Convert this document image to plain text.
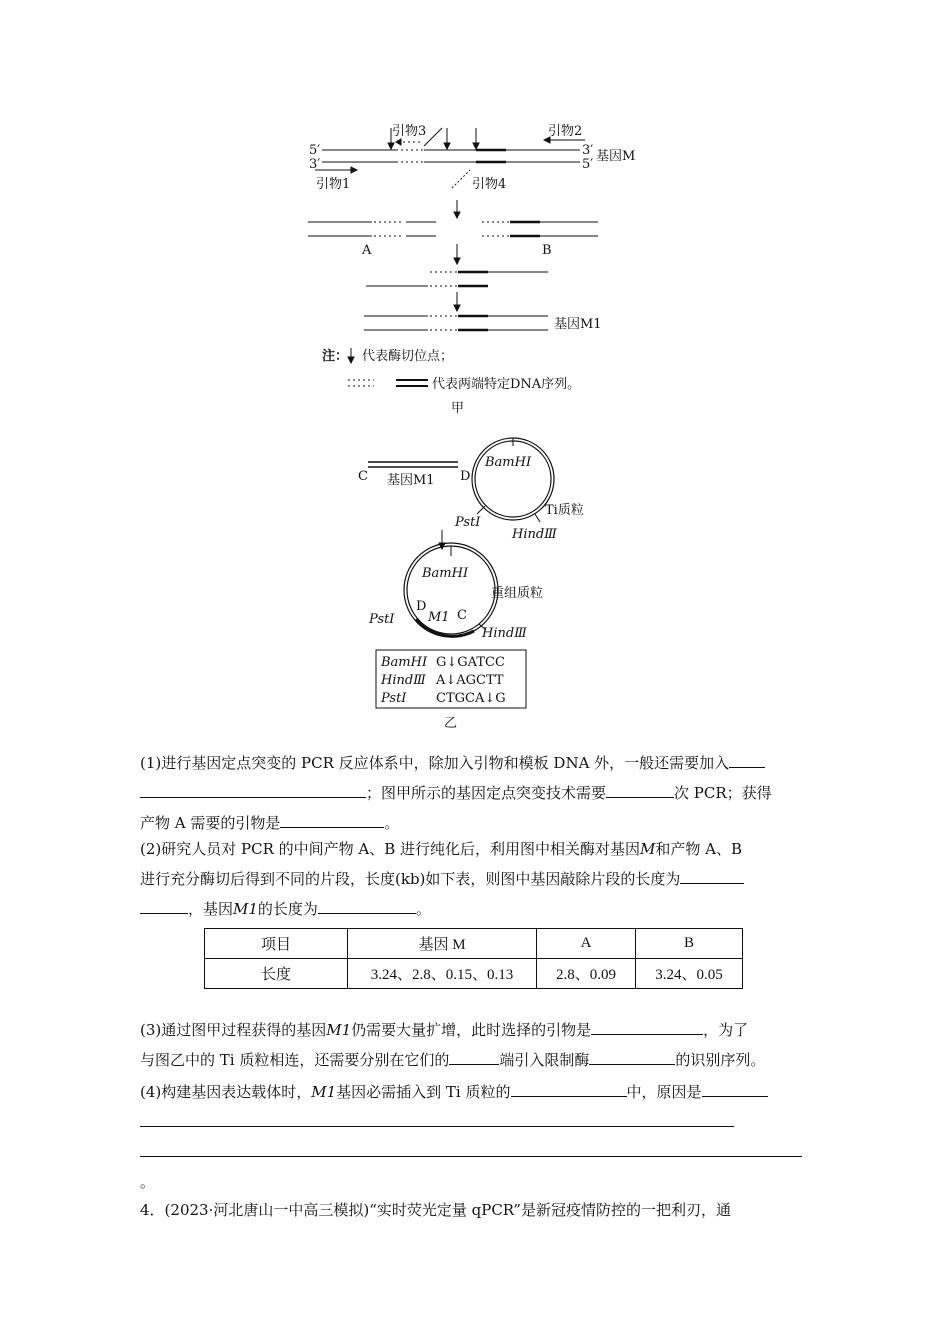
引物3	引物2
5′	3′ 基因M
3′	5′
引物1	引物4
A	B
基因M1
注： 代表酶切位点；
代表两端特定DNA序列。
甲
C	D
基因M1
BamHⅠ
Ti质粒
PstⅠ
HindⅢ
BamHⅠ
重组质粒
D
C
M1
PstⅠ
HindⅢ
BamHⅠ G↓GATCC
HindⅢ A↓AGCTT
PstⅠ CTGCA↓G
乙
(1)进行基因定点突变的 PCR 反应体系中，除加入引物和模板 DNA 外，一般还需要加入
；图甲所示的基因定点突变技术需要	次 PCR；获得
产物 A 需要的引物是	。
(2)研究人员对 PCR 的中间产物 A、B 进行纯化后，利用图中相关酶对基因M和产物 A、B
进行充分酶切后得到不同的片段，长度(kb)如下表，则图中基因敲除片段的长度为
，基因M1的长度为	。
项目	基因 M	A	B
长度	3.24、2.8、0.15、0.13	2.8、0.09	3.24、0.05
(3)通过图甲过程获得的基因M1仍需要大量扩增，此时选择的引物是	，为了
与图乙中的 Ti 质粒相连，还需要分别在它们的	端引入限制酶	的识别序列。
(4)构建基因表达载体时，M1基因必需插入到 Ti 质粒的	中，原因是

。
4．(2023·河北唐山一中高三模拟)“实时荧光定量 qPCR”是新冠疫情防控的一把利刃，通
